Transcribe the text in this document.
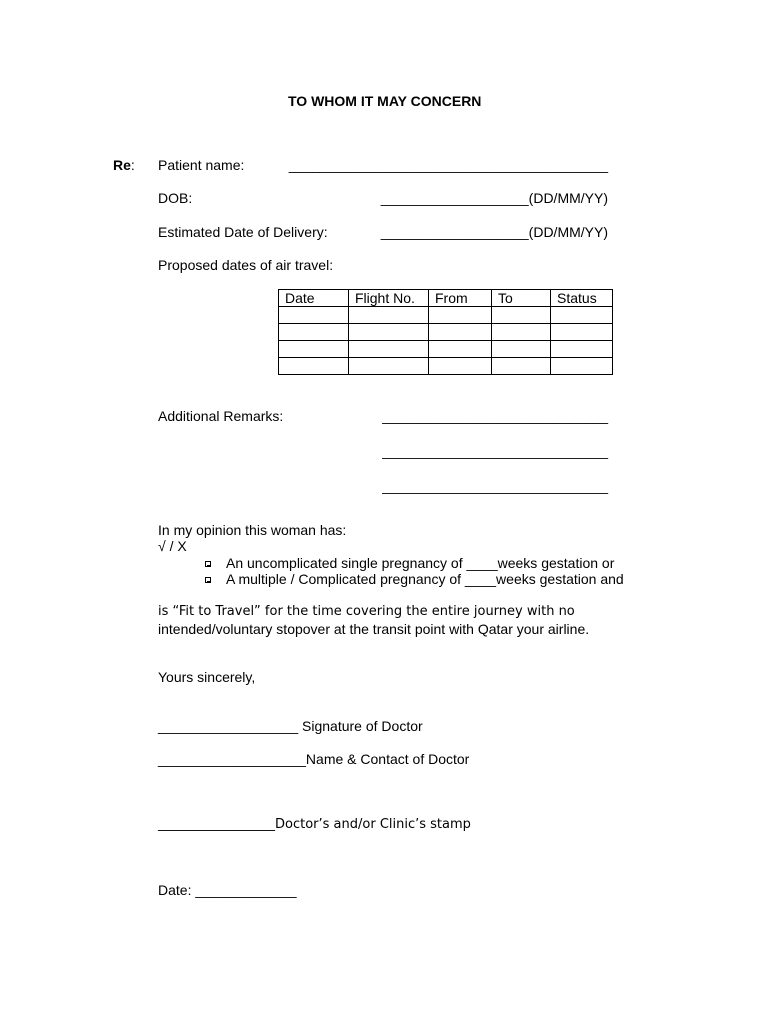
TO WHOM IT MAY CONCERN
Re: Patient name:	_________________________________________
DOB:	___________________(DD/MM/YY)
Estimated Date of Delivery:	___________________(DD/MM/YY)
Proposed dates of air travel:
Date	Flight No.	From	To	Status

Additional Remarks:	_____________________________
_____________________________
_____________________________
In my opinion this woman has:
√ / X
An uncomplicated single pregnancy of ____weeks gestation or
A multiple / Complicated pregnancy of ____weeks gestation and
is “Fit to Travel” for the time covering the entire journey with no
intended/voluntary stopover at the transit point with Qatar your airline.
Yours sincerely,
__________________ Signature of Doctor
___________________Name & Contact of Doctor
__________________Doctor’s and/or Clinic’s stamp
Date: _____________
